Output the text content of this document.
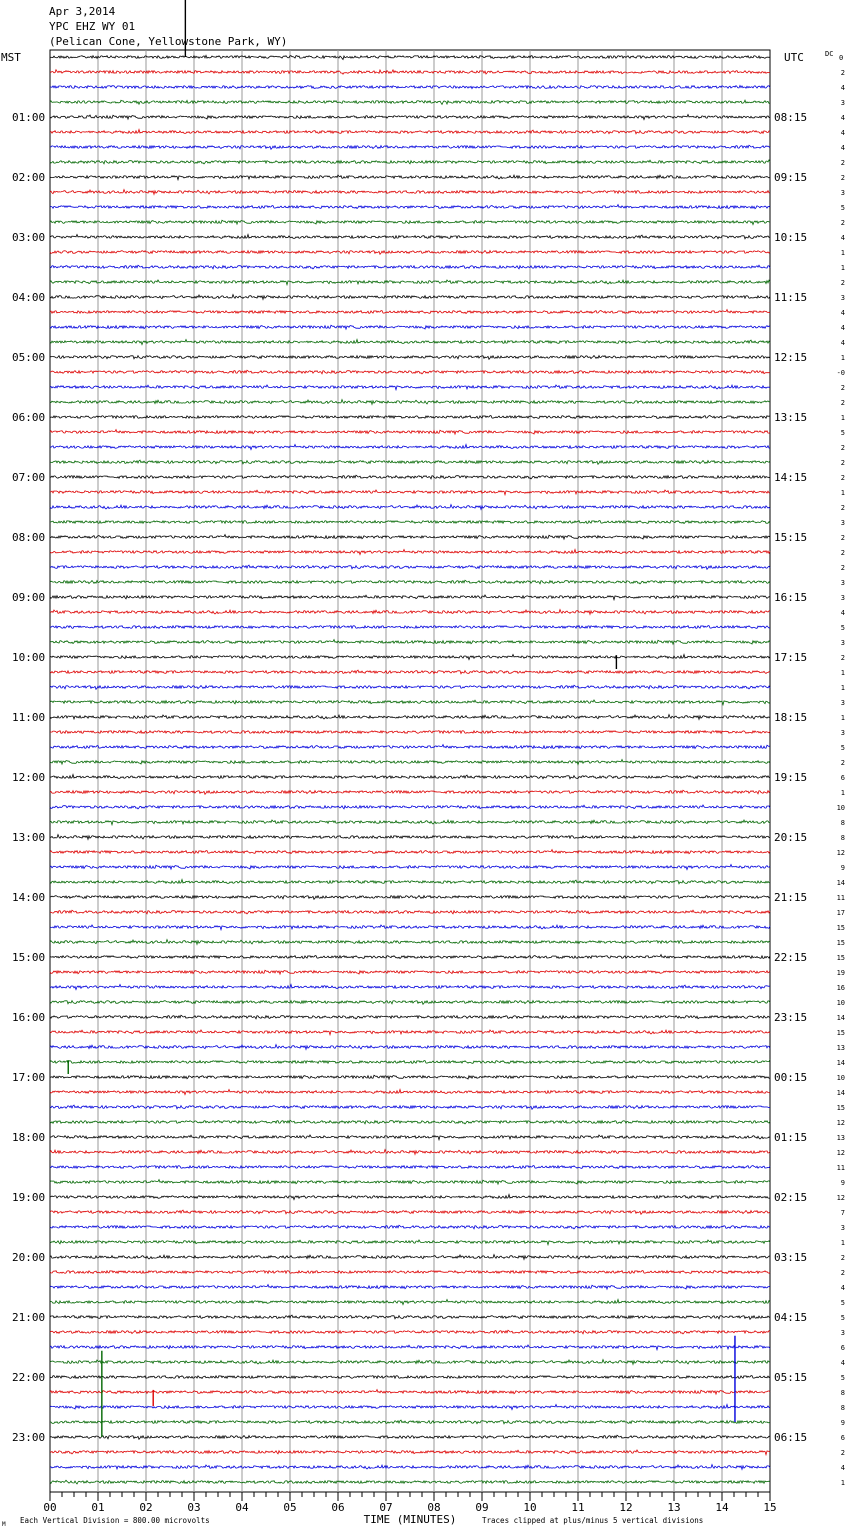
Apr 3,2014
YPC EHZ WY 01
(Pelican Cone, Yellowstone Park, WY)
MST	UTC	DC 0
01:00
02:00
03:00
04:00
05:00
06:00
07:00
08:00
09:00
10:00
11:00
12:00
13:00
14:00
15:00
16:00
17:00
18:00
19:00
20:00
21:00
22:00
23:00
08:15
09:15
10:15
11:15
12:15
13:15
14:15
15:15
16:15
17:15
18:15
19:15
20:15
21:15
22:15
23:15
00:15
01:15
02:15
03:15
04:15
05:15
06:15
2
4
3
4
4
4
2
2
3
5
2
4
1
1
2
3
4
4
4
1
-0
2
2
1
5
2
2
2
1
2
3
2
2
2
3
3
4
5
3
2
1
1
3
1
3
5
2
6
1
10
8
8
12
9
14
11
17
15
15
15
19
16
10
14
15
13
14
10
14
15
12
13
12
11
9
12
7
3
1
2
2
4
5
5
3
6
4
5
8
8
9
6
2
4
1
00	01	02	03	04	05	06	07	08	09	10	11	12	13	14	15
TIME (MINUTES)
Each Vertical Division = 800.00 microvolts	Traces clipped at plus/minus 5 vertical divisions
M
